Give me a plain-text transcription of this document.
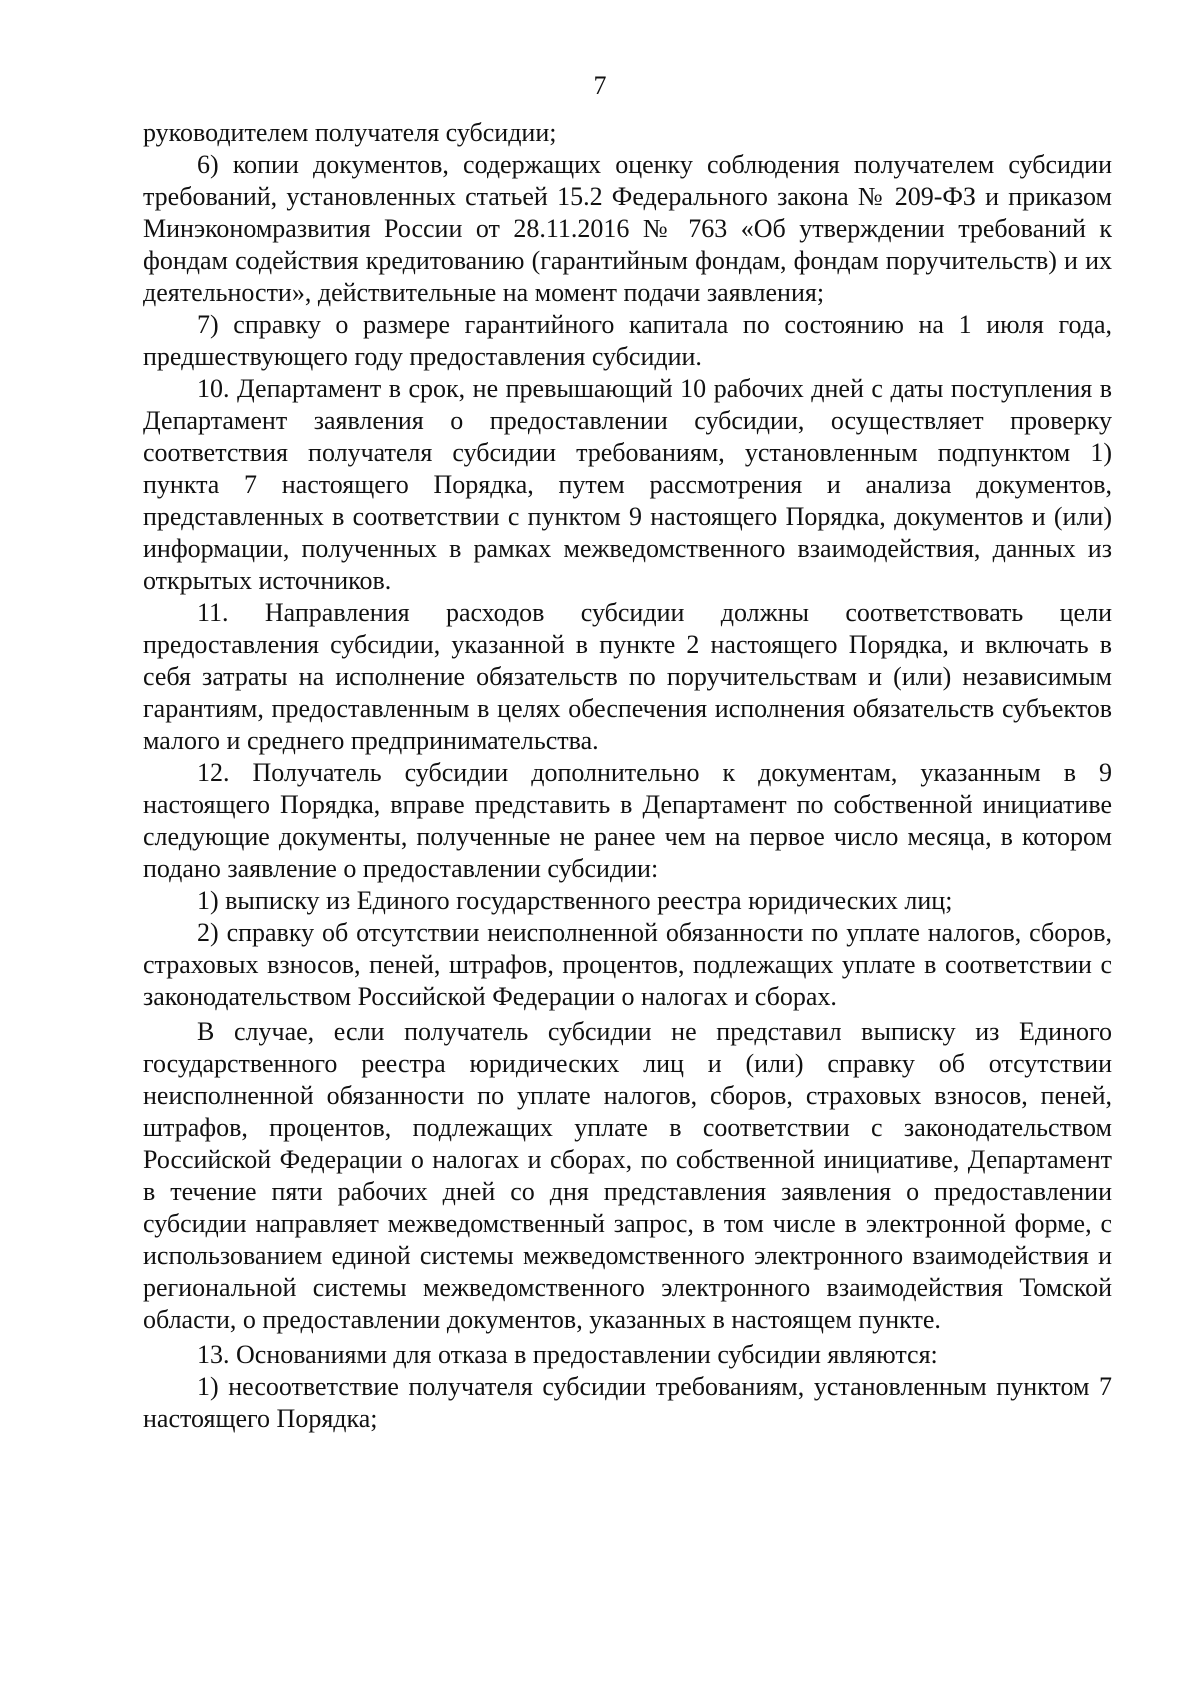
7

руководителем получателя субсидии;

6) копии документов, содержащих оценку соблюдения получателем субсидии требований, установленных статьей 15.2 Федерального закона № 209-ФЗ и приказом Минэкономразвития России от 28.11.2016 № 763 «Об утверждении требований к фондам содействия кредитованию (гарантийным фондам, фондам поручительств) и их деятельности», действительные на момент подачи заявления;

7) справку о размере гарантийного капитала по состоянию на 1 июля года, предшествующего году предоставления субсидии.

10. Департамент в срок, не превышающий 10 рабочих дней с даты поступления в Департамент заявления о предоставлении субсидии, осуществляет проверку соответствия получателя субсидии требованиям, установленным подпунктом 1) пункта 7 настоящего Порядка, путем рассмотрения и анализа документов, представленных в соответствии с пунктом 9 настоящего Порядка, документов и (или) информации, полученных в рамках межведомственного взаимодействия, данных из открытых источников.

11. Направления расходов субсидии должны соответствовать цели предоставления субсидии, указанной в пункте 2 настоящего Порядка, и включать в себя затраты на исполнение обязательств по поручительствам и (или) независимым гарантиям, предоставленным в целях обеспечения исполнения обязательств субъектов малого и среднего предпринимательства.

12. Получатель субсидии дополнительно к документам, указанным в 9 настоящего Порядка, вправе представить в Департамент по собственной инициативе следующие документы, полученные не ранее чем на первое число месяца, в котором подано заявление о предоставлении субсидии:

1) выписку из Единого государственного реестра юридических лиц;

2) справку об отсутствии неисполненной обязанности по уплате налогов, сборов, страховых взносов, пеней, штрафов, процентов, подлежащих уплате в соответствии с законодательством Российской Федерации о налогах и сборах.

В случае, если получатель субсидии не представил выписку из Единого государственного реестра юридических лиц и (или) справку об отсутствии неисполненной обязанности по уплате налогов, сборов, страховых взносов, пеней, штрафов, процентов, подлежащих уплате в соответствии с законодательством Российской Федерации о налогах и сборах, по собственной инициативе, Департамент в течение пяти рабочих дней со дня представления заявления о предоставлении субсидии направляет межведомственный запрос, в том числе в электронной форме, с использованием единой системы межведомственного электронного взаимодействия и региональной системы межведомственного электронного взаимодействия Томской области, о предоставлении документов, указанных в настоящем пункте.

13. Основаниями для отказа в предоставлении субсидии являются:

1) несоответствие получателя субсидии требованиям, установленным пунктом 7 настоящего Порядка;
